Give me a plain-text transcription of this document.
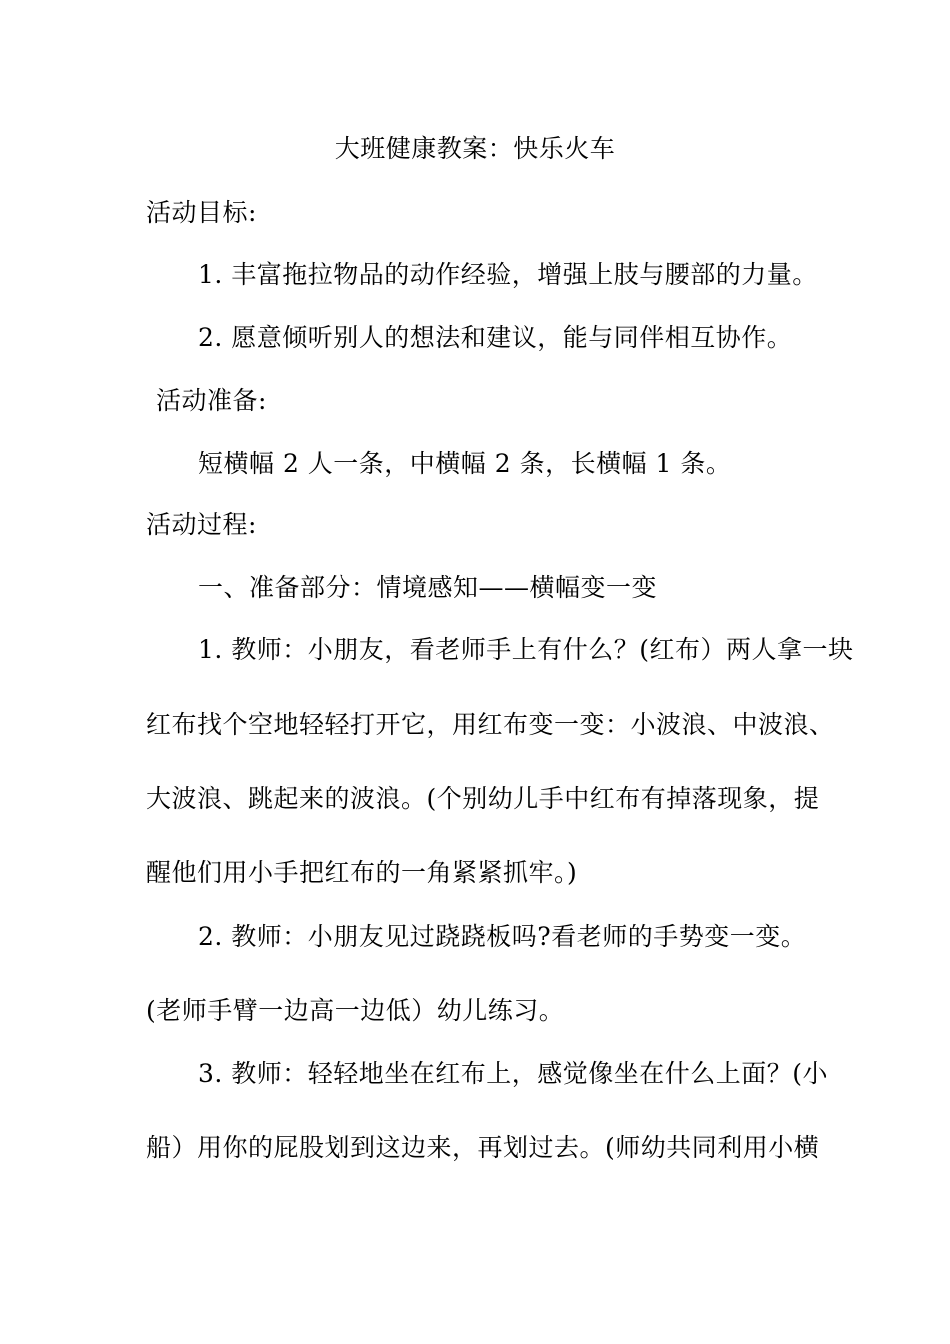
大班健康教案：快乐火车
活动目标:
1. 丰富拖拉物品的动作经验，增强上肢与腰部的力量。
2. 愿意倾听别人的想法和建议，能与同伴相互协作。
活动准备:
短横幅 2 人一条，中横幅 2 条，长横幅 1 条。
活动过程:
一、准备部分：情境感知——横幅变一变
1. 教师：小朋友，看老师手上有什么？(红布）两人拿一块
红布找个空地轻轻打开它，用红布变一变：小波浪、中波浪、
大波浪、跳起来的波浪。(个别幼儿手中红布有掉落现象，提
醒他们用小手把红布的一角紧紧抓牢。)
2. 教师：小朋友见过跷跷板吗?看老师的手势变一变。
(老师手臂一边高一边低）幼儿练习。
3. 教师：轻轻地坐在红布上，感觉像坐在什么上面？(小
船）用你的屁股划到这边来，再划过去。(师幼共同利用小横
